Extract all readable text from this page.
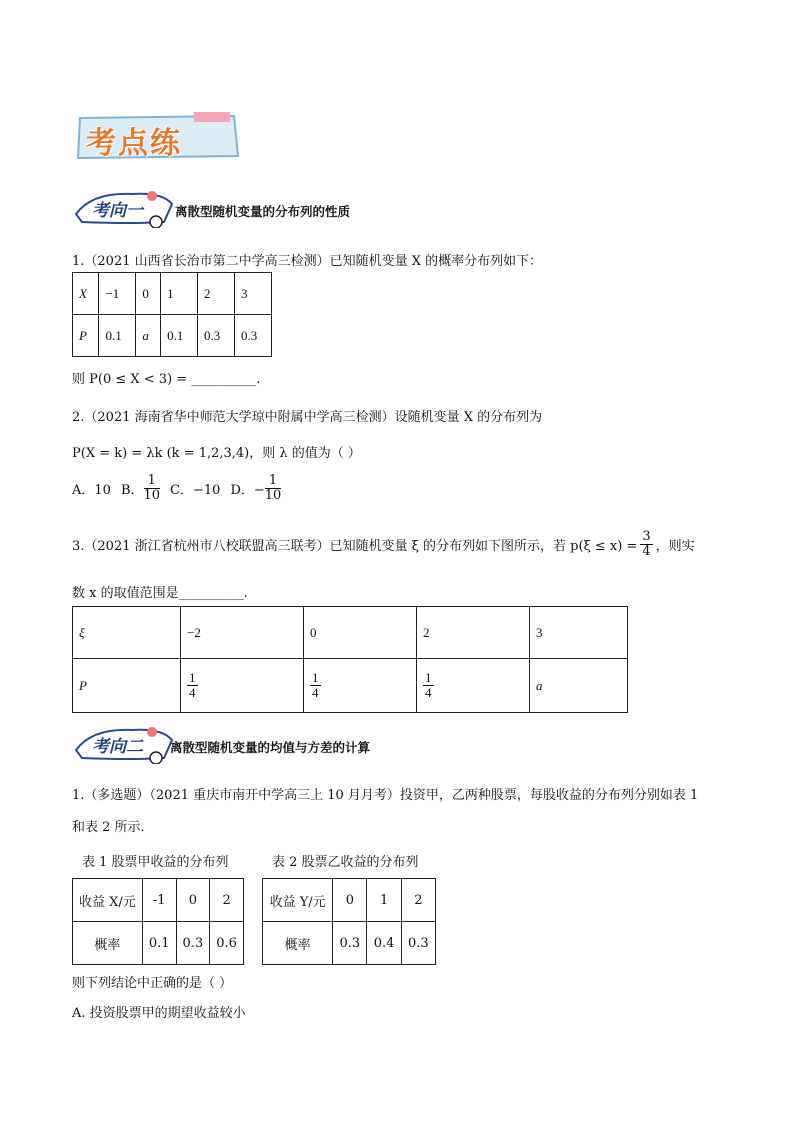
考点练
考向一	离散型随机变量的分布列的性质

1.（2021 山西省长治市第二中学高三检测）已知随机变量 X 的概率分布列如下：

X	−1	0	1	2	3
P	0.1	a	0.1	0.3	0.3

则 P(0 ≤ X < 3) = __________.

2.（2021 海南省华中师范大学琼中附属中学高三检测）设随机变量 X 的分布列为

P(X = k) = λk (k = 1,2,3,4)，则 λ 的值为（ ）

A．10 B． $\frac{1}{10}$ C．−10 D．− $\frac{1}{10}$
3.（2021 浙江省杭州市八校联盟高三联考）已知随机变量 ξ 的分布列如下图所示，若 $p(\xi \le x) = \frac{3}{4}$ ，则实

数 x 的取值范围是__________.

ξ	−2	0	2	3
P	$\frac{1}{4}$	$\frac{1}{4}$	$\frac{1}{4}$	a
考向二 离散型随机变量的均值与方差的计算

1.（多选题）（2021 重庆市南开中学高三上 10 月月考）投资甲，乙两种股票，每股收益的分布列分别如表 1

和表 2 所示．

表 1 股票甲收益的分布列	表 2 股票乙收益的分布列

收益 X/元	-1	0	2
概率	0.1	0.3	0.6
收益 Y/元	0	1	2
概率	0.3	0.4	0.3

则下列结论中正确的是（ ）

A. 投资股票甲的期望收益较小
